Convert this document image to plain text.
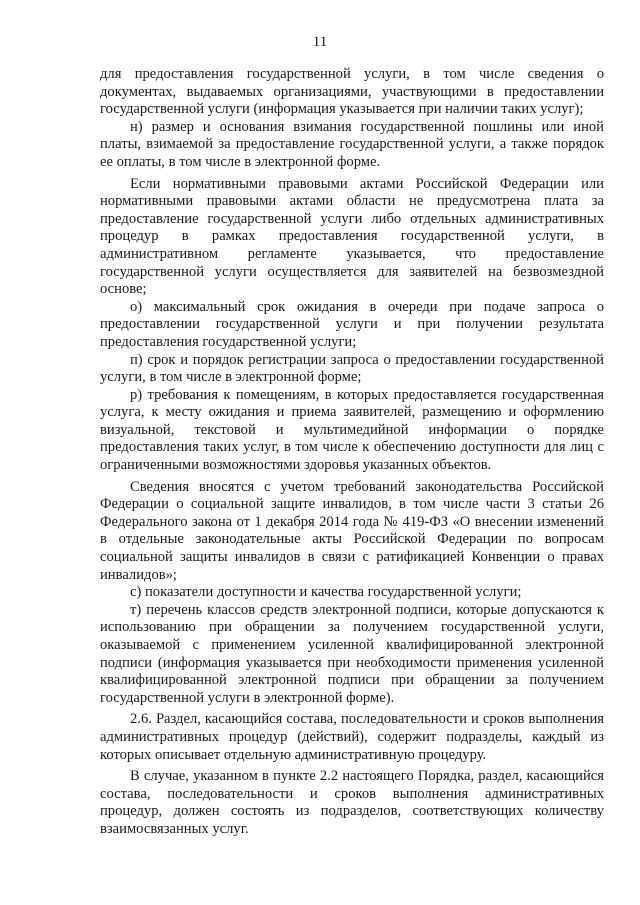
11

для предоставления государственной услуги, в том числе сведения о документах, выдаваемых организациями, участвующими в предоставлении государственной услуги (информация указывается при наличии таких услуг);

н) размер и основания взимания государственной пошлины или иной платы, взимаемой за предоставление государственной услуги, а также порядок ее оплаты, в том числе в электронной форме.

Если нормативными правовыми актами Российской Федерации или нормативными правовыми актами области не предусмотрена плата за предоставление государственной услуги либо отдельных административных процедур в рамках предоставления государственной услуги, в административном регламенте указывается, что предоставление государственной услуги осуществляется для заявителей на безвозмездной основе;

о) максимальный срок ожидания в очереди при подаче запроса о предоставлении государственной услуги и при получении результата предоставления государственной услуги;

п) срок и порядок регистрации запроса о предоставлении государственной услуги, в том числе в электронной форме;

р) требования к помещениям, в которых предоставляется государственная услуга, к месту ожидания и приема заявителей, размещению и оформлению визуальной, текстовой и мультимедийной информации о порядке предоставления таких услуг, в том числе к обеспечению доступности для лиц с ограниченными возможностями здоровья указанных объектов.

Сведения вносятся с учетом требований законодательства Российской Федерации о социальной защите инвалидов, в том числе части 3 статьи 26 Федерального закона от 1 декабря 2014 года № 419-ФЗ «О внесении изменений в отдельные законодательные акты Российской Федерации по вопросам социальной защиты инвалидов в связи с ратификацией Конвенции о правах инвалидов»;

с) показатели доступности и качества государственной услуги;

т) перечень классов средств электронной подписи, которые допускаются к использованию при обращении за получением государственной услуги, оказываемой с применением усиленной квалифицированной электронной подписи (информация указывается при необходимости применения усиленной квалифицированной электронной подписи при обращении за получением государственной услуги в электронной форме).

2.6. Раздел, касающийся состава, последовательности и сроков выполнения административных процедур (действий), содержит подразделы, каждый из которых описывает отдельную административную процедуру.

В случае, указанном в пункте 2.2 настоящего Порядка, раздел, касающийся состава, последовательности и сроков выполнения административных процедур, должен состоять из подразделов, соответствующих количеству взаимосвязанных услуг.
